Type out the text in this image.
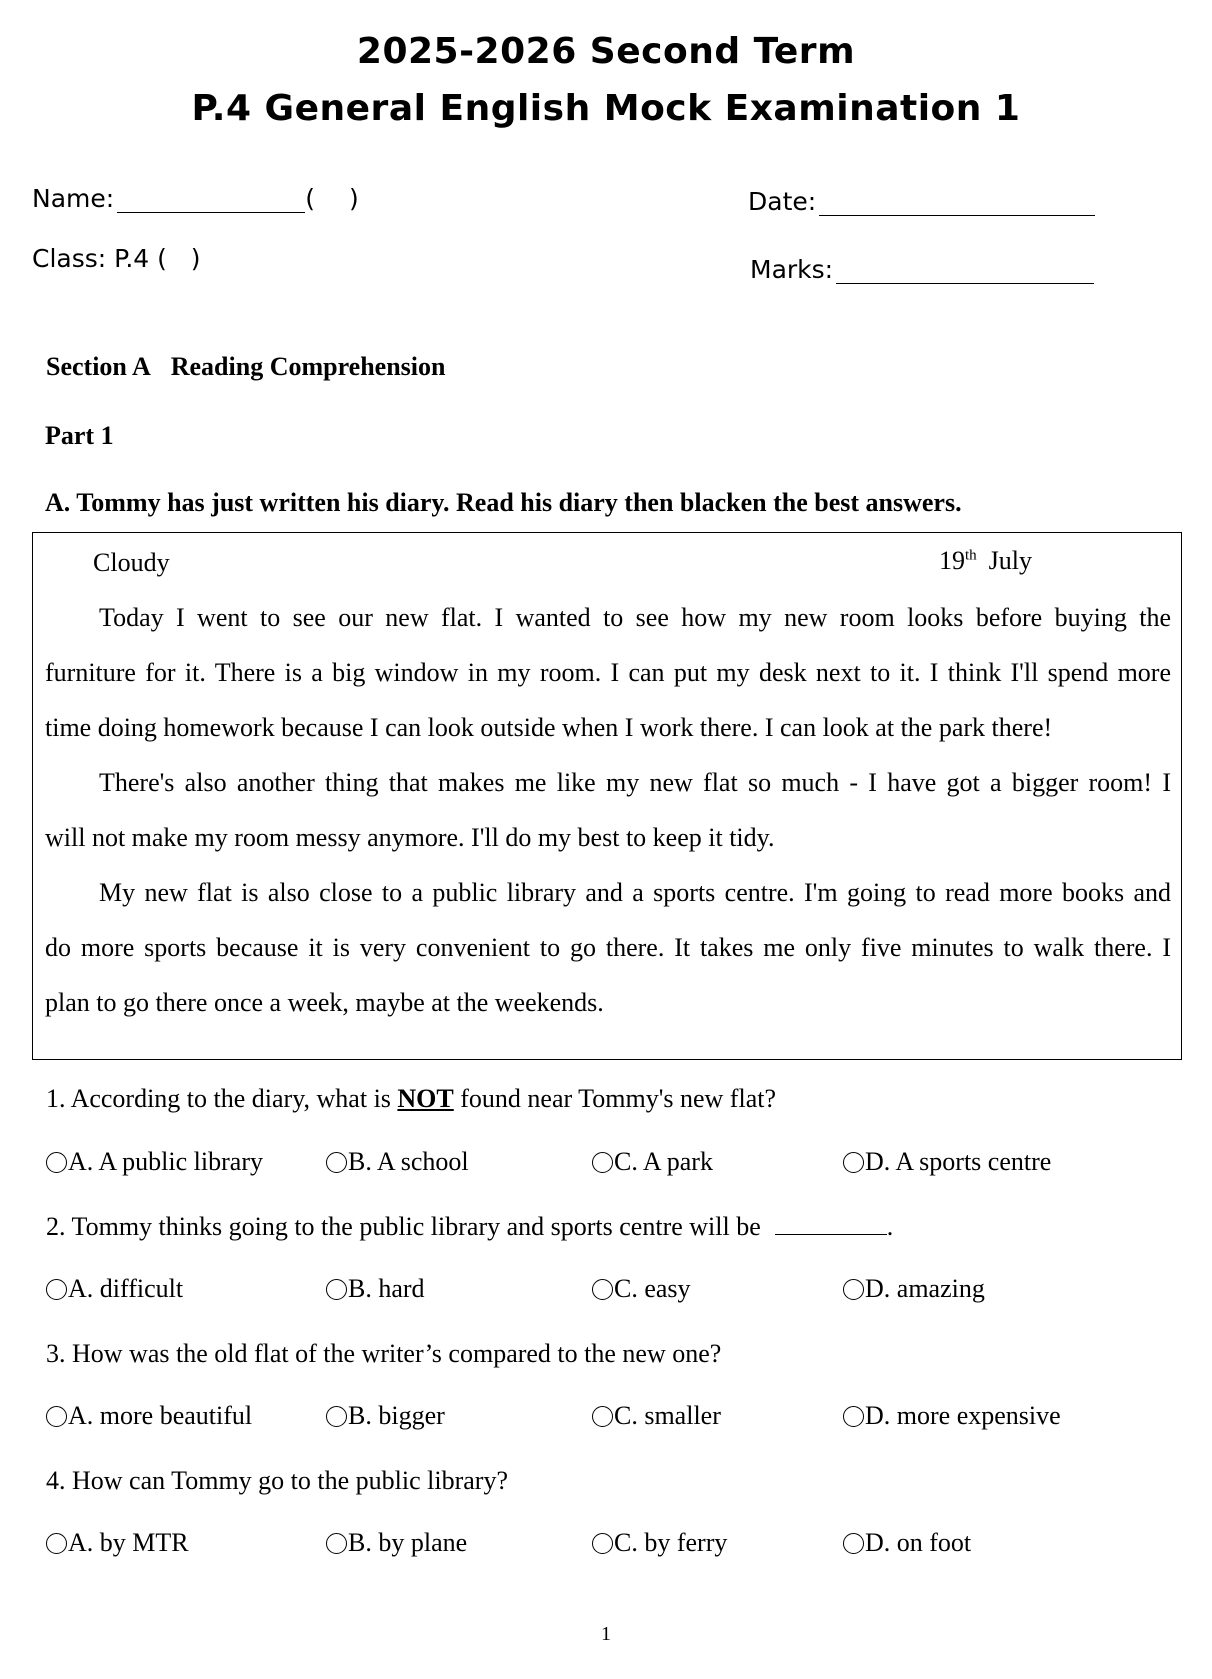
2025-2026 Second Term
P.4 General English Mock Examination 1
Name:	( )	Date:
Class: P.4 (   )	Marks:
Section A Reading Comprehension
Part 1
A. Tommy has just written his diary. Read his diary then blacken the best answers.
Cloudy	19th July
Today I went to see our new flat. I wanted to see how my new room looks before buying the
furniture for it. There is a big window in my room. I can put my desk next to it. I think I'll spend more
time doing homework because I can look outside when I work there. I can look at the park there!
There's also another thing that makes me like my new flat so much - I have got a bigger room! I
will not make my room messy anymore. I'll do my best to keep it tidy.
My new flat is also close to a public library and a sports centre. I'm going to read more books and
do more sports because it is very convenient to go there. It takes me only five minutes to walk there. I
plan to go there once a week, maybe at the weekends.
1. According to the diary, what is NOT found near Tommy's new flat?
A. A public library	B. A school	C. A park	D. A sports centre
2. Tommy thinks going to the public library and sports centre will be	.
A. difficult	B. hard	C. easy	D. amazing
3. How was the old flat of the writer’s compared to the new one?
A. more beautiful	B. bigger	C. smaller	D. more expensive
4. How can Tommy go to the public library?
A. by MTR	B. by plane	C. by ferry	D. on foot
1
